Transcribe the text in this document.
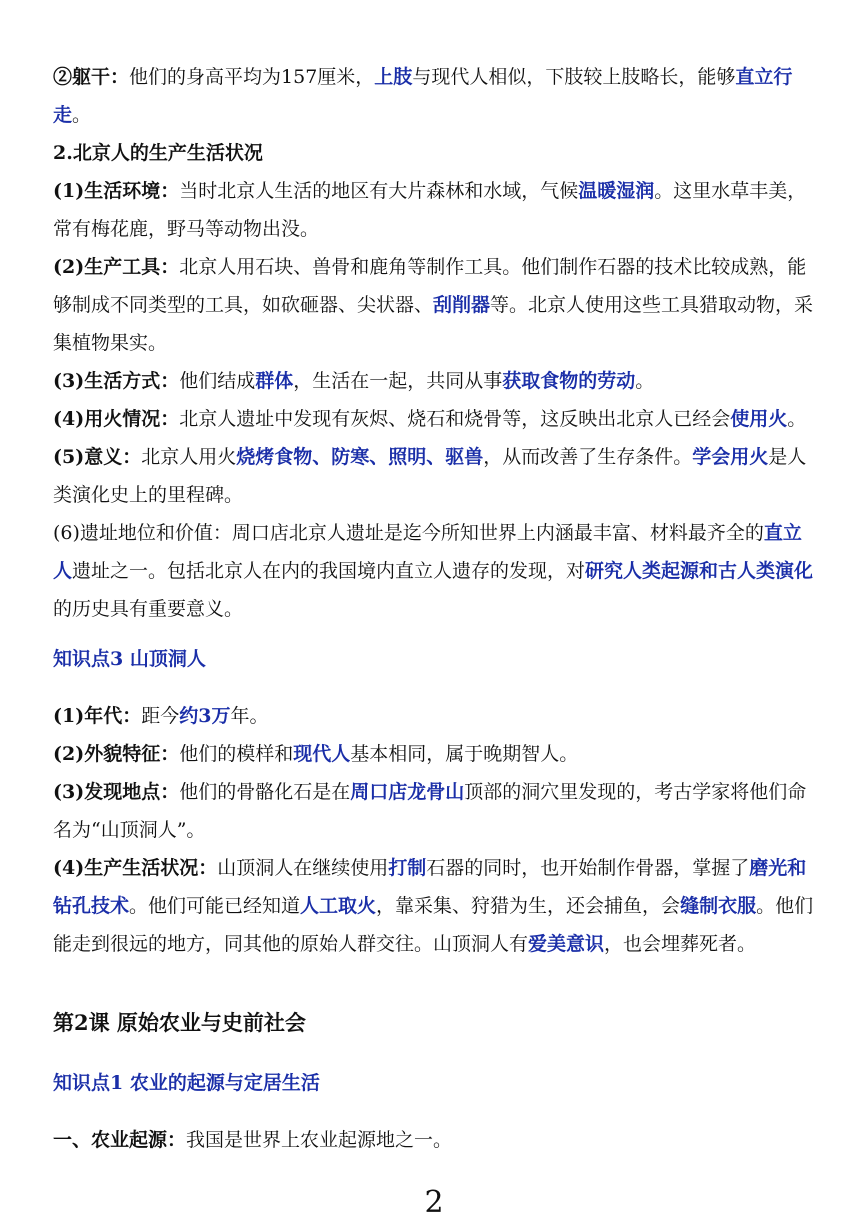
②躯干：他们的身高平均为157厘米，上肢与现代人相似，下肢较上肢略长，能够直立行走。

2.北京人的生产生活状况

(1)生活环境：当时北京人生活的地区有大片森林和水域，气候温暖湿润。这里水草丰美，常有梅花鹿，野马等动物出没。

(2)生产工具：北京人用石块、兽骨和鹿角等制作工具。他们制作石器的技术比较成熟，能够制成不同类型的工具，如砍砸器、尖状器、刮削器等。北京人使用这些工具猎取动物，采集植物果实。

(3)生活方式：他们结成群体，生活在一起，共同从事获取食物的劳动。

(4)用火情况：北京人遗址中发现有灰烬、烧石和烧骨等，这反映出北京人已经会使用火。

(5)意义：北京人用火烧烤食物、防寒、照明、驱兽，从而改善了生存条件。学会用火是人类演化史上的里程碑。

(6)遗址地位和价值：周口店北京人遗址是迄今所知世界上内涵最丰富、材料最齐全的直立人遗址之一。包括北京人在内的我国境内直立人遗存的发现，对研究人类起源和古人类演化的历史具有重要意义。

知识点3 山顶洞人

(1)年代：距今约3万年。

(2)外貌特征：他们的模样和现代人基本相同，属于晚期智人。

(3)发现地点：他们的骨骼化石是在周口店龙骨山顶部的洞穴里发现的，考古学家将他们命名为“山顶洞人”。

(4)生产生活状况：山顶洞人在继续使用打制石器的同时，也开始制作骨器，掌握了磨光和钻孔技术。他们可能已经知道人工取火，靠采集、狩猎为生，还会捕鱼，会缝制衣服。他们能走到很远的地方，同其他的原始人群交往。山顶洞人有爱美意识，也会埋葬死者。

第2课 原始农业与史前社会

知识点1 农业的起源与定居生活

一、农业起源：我国是世界上农业起源地之一。

2
